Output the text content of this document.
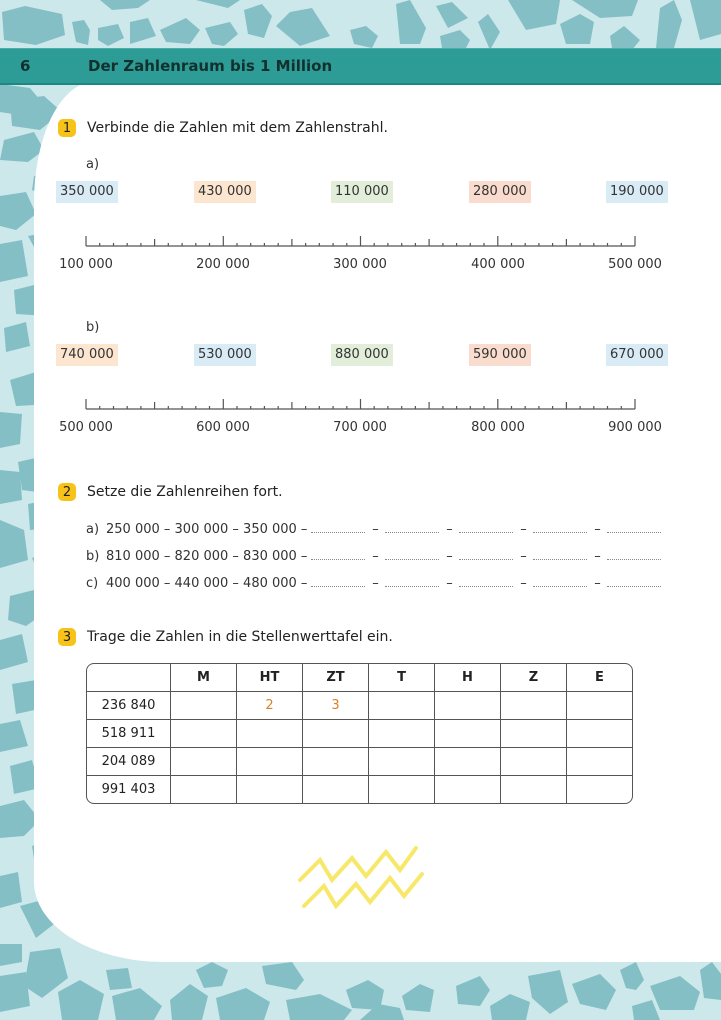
6	Der Zahlenraum bis 1 Million
1	Verbinde die Zahlen mit dem Zahlenstrahl.
a)
350 000	430 000	110 000	280 000	190 000
100 000	200 000	300 000	400 000	500 000
b)
740 000	530 000	880 000	590 000	670 000
500 000	600 000	700 000	800 000	900 000
2	Setze die Zahlenreihen fort.
a) 250 000 – 300 000 – 350 000 –	–	–	–	–
b) 810 000 – 820 000 – 830 000 –	–	–	–	–
c) 400 000 – 440 000 – 480 000 –	–	–	–	–
3	Trage die Zahlen in die Stellenwerttafel ein.
	M	HT	ZT	T	H	Z	E
236 840		2	3				
518 911							
204 089							
991 403							
